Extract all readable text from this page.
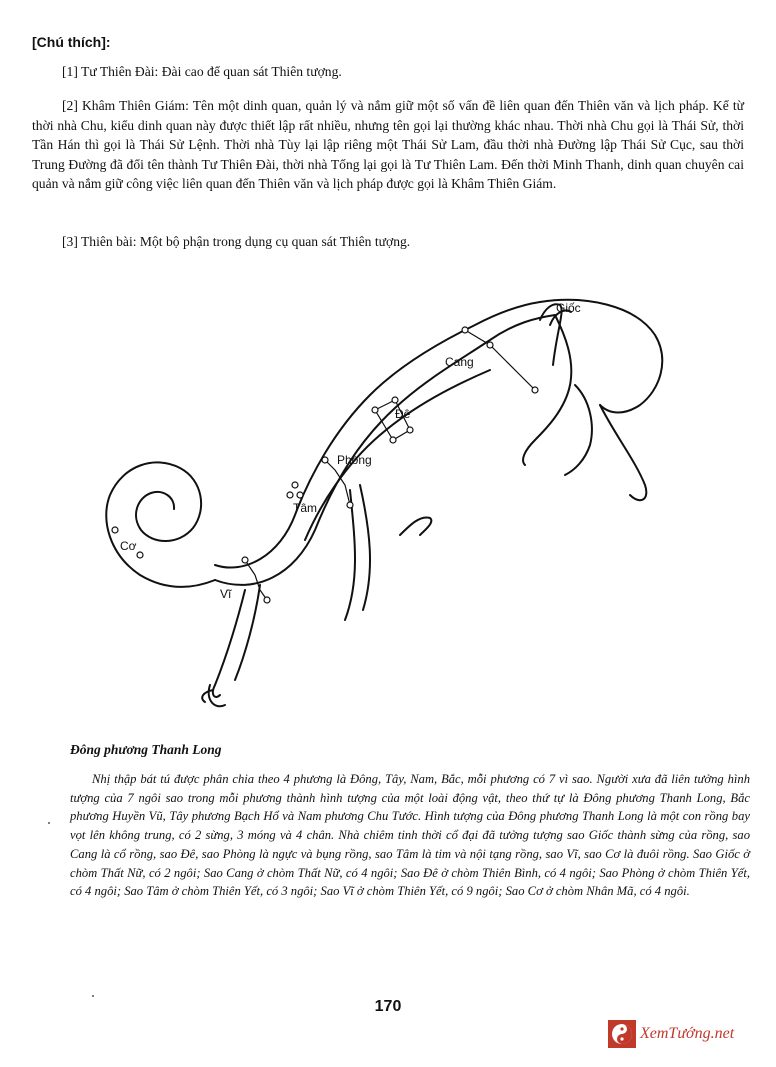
[Chú thích]:
[1] Tư Thiên Đài: Đài cao để quan sát Thiên tượng.
[2] Khâm Thiên Giám: Tên một dinh quan, quản lý và nắm giữ một số vấn đề liên quan đến Thiên văn và lịch pháp. Kể từ thời nhà Chu, kiểu dinh quan này được thiết lập rất nhiều, nhưng tên gọi lại thường khác nhau. Thời nhà Chu gọi là Thái Sử, thời Tần Hán thì gọi là Thái Sử Lệnh. Thời nhà Tùy lại lập riêng một Thái Sử Lam, đầu thời nhà Đường lập Thái Sử Cục, sau thời Trung Đường đã đổi tên thành Tư Thiên Đài, thời nhà Tống lại gọi là Tư Thiên Lam. Đến thời Minh Thanh, dinh quan chuyên cai quản và nắm giữ công việc liên quan đến Thiên văn và lịch pháp được gọi là Khâm Thiên Giám.
[3] Thiên bài: Một bộ phận trong dụng cụ quan sát Thiên tượng.
Giốc
Cang
Đê
Phòng
Tâm
Cơ
Vĩ
Đông phương Thanh Long
Nhị thập bát tú được phân chia theo 4 phương là Đông, Tây, Nam, Bắc, mỗi phương có 7 vì sao. Người xưa đã liên tưởng hình tượng của 7 ngôi sao trong mỗi phương thành hình tượng của một loài động vật, theo thứ tự là Đông phương Thanh Long, Bắc phương Huyền Vũ, Tây phương Bạch Hổ và Nam phương Chu Tước. Hình tượng của Đông phương Thanh Long là một con rồng bay vọt lên không trung, có 2 sừng, 3 móng và 4 chân. Nhà chiêm tinh thời cổ đại đã tưởng tượng sao Giốc thành sừng của rồng, sao Cang là cổ rồng, sao Đê, sao Phòng là ngực và bụng rồng, sao Tâm là tim và nội tạng rồng, sao Vĩ, sao Cơ là đuôi rồng. Sao Giốc ở chòm Thất Nữ, có 2 ngôi; Sao Cang ở chòm Thất Nữ, có 4 ngôi; Sao Đê ở chòm Thiên Bình, có 4 ngôi; Sao Phòng ở chòm Thiên Yết, có 4 ngôi; Sao Tâm ở chòm Thiên Yết, có 3 ngôi; Sao Vĩ ở chòm Thiên Yết, có 9 ngôi; Sao Cơ ở chòm Nhân Mã, có 4 ngôi.
170
XemTướng.net
